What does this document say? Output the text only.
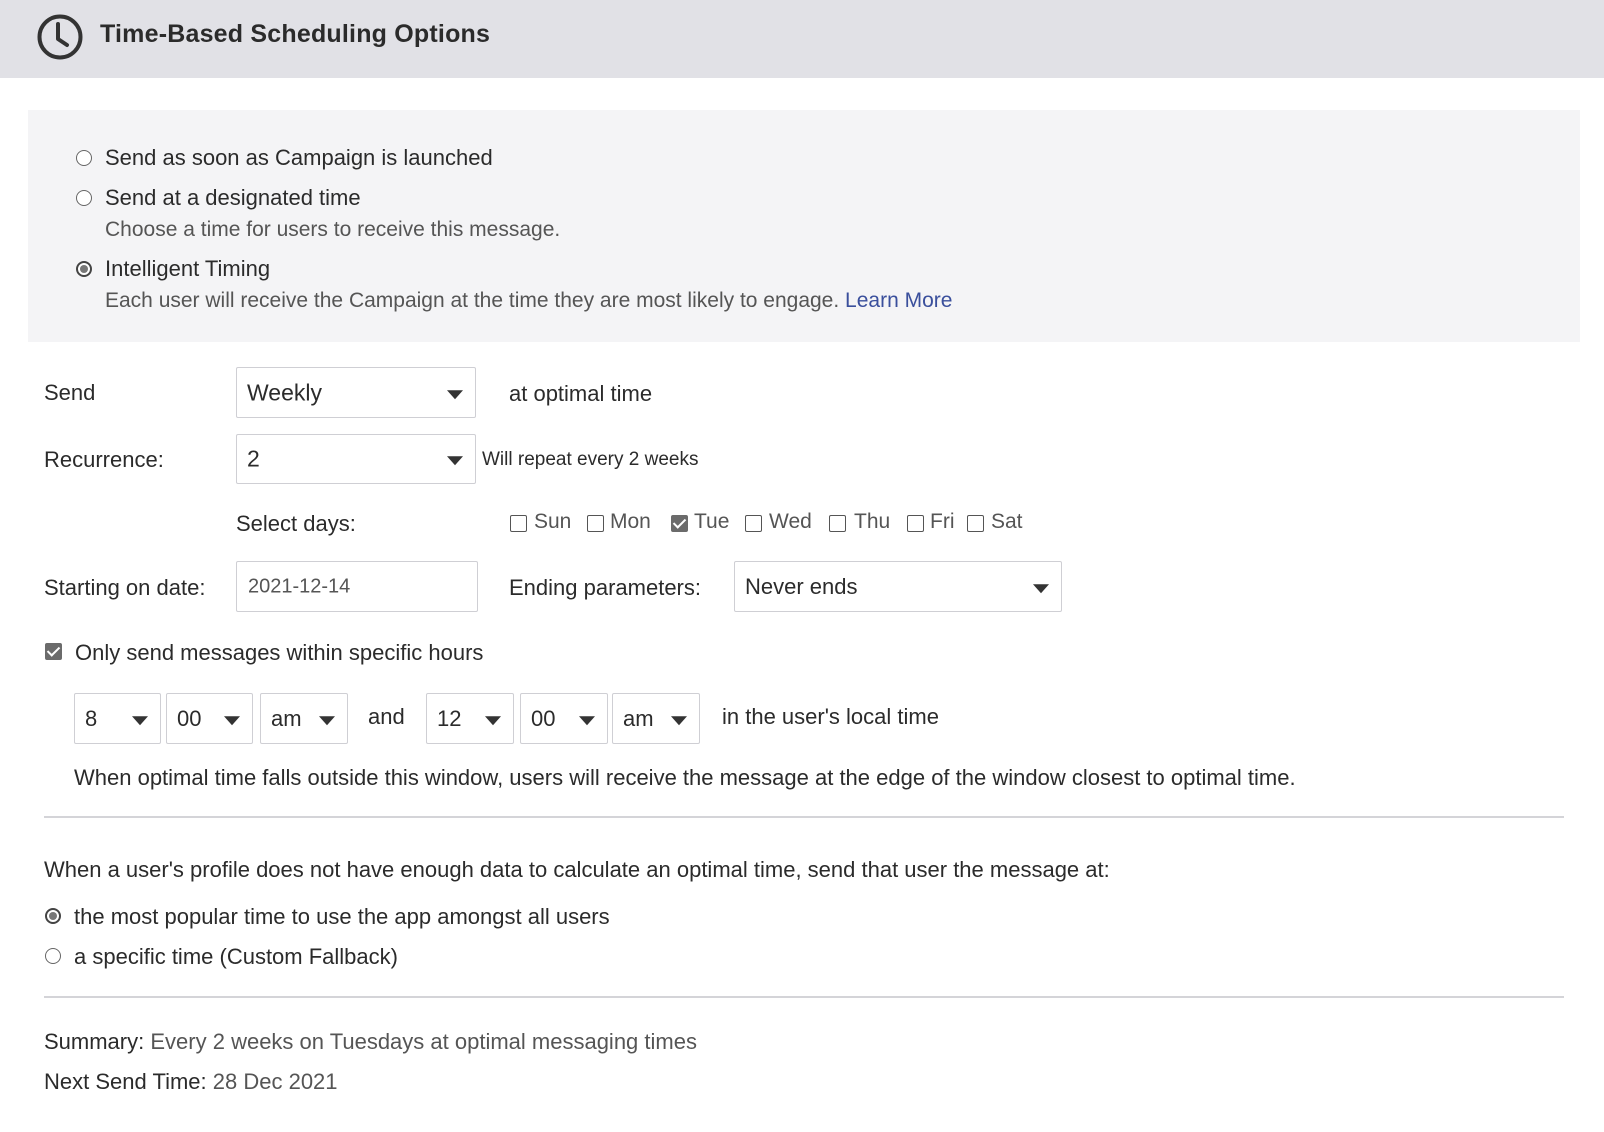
Time-Based Scheduling Options
Send as soon as Campaign is launched
Send at a designated time
Choose a time for users to receive this message.
Intelligent Timing
Each user will receive the Campaign at the time they are most likely to engage. Learn More
Send	Weekly	at optimal time
Recurrence:	2	Will repeat every 2 weeks
Select days:	Sun Mon Tue Wed Thu Fri Sat
Starting on date: 2021-12-14	Ending parameters: Never ends
Only send messages within specific hours
8	00	am	and 12	00	am	in the user's local time
When optimal time falls outside this window, users will receive the message at the edge of the window closest to optimal time.
When a user's profile does not have enough data to calculate an optimal time, send that user the message at:
the most popular time to use the app amongst all users
a specific time (Custom Fallback)
Summary: Every 2 weeks on Tuesdays at optimal messaging times
Next Send Time: 28 Dec 2021
